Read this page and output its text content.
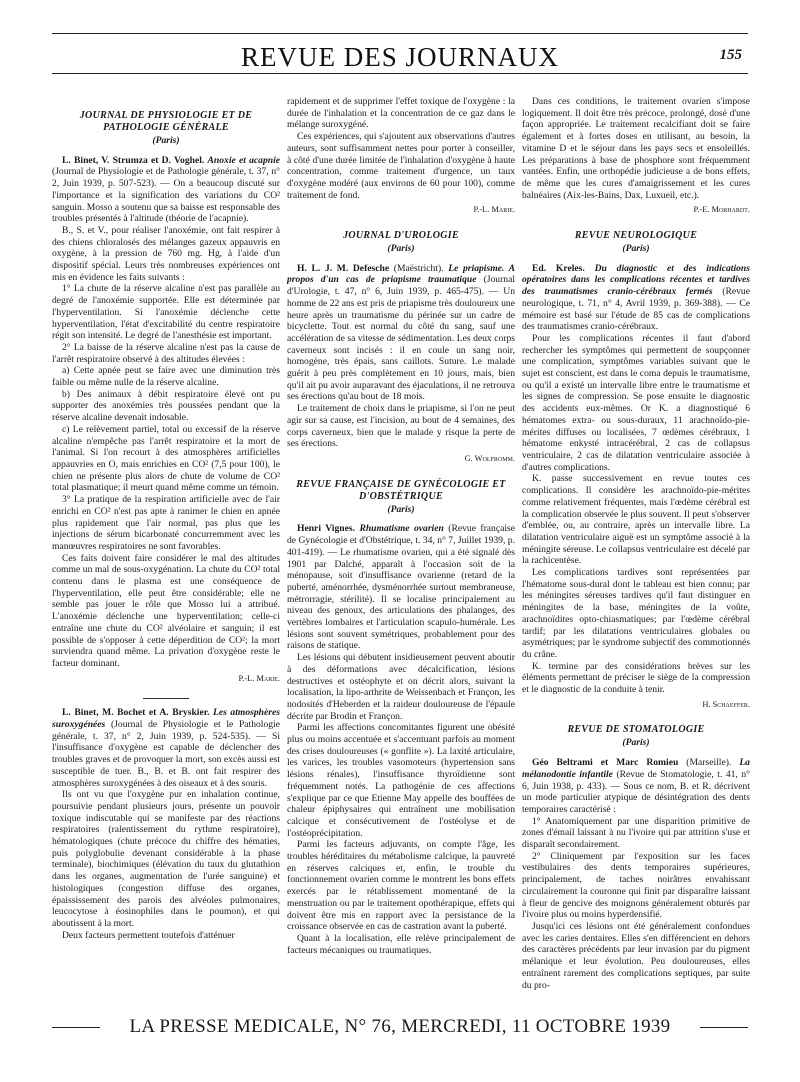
REVUE DES JOURNAUX	155
JOURNAL DE PHYSIOLOGIE ET DE PATHOLOGIE GÉNÉRALE
(Paris)

L. Binet, V. Strumza et D. Voghel. Anoxie et acapnie (Journal de Physiologie et de Pathologie générale, t. 37, n° 2, Juin 1939, p. 507-523). — On a beaucoup discuté sur l'importance et la signification des variations du CO² sanguin. Mosso a soutenu que sa baisse est responsable des troubles présentés à l'altitude (théorie de l'acapnie).

B., S. et V., pour réaliser l'anoxémie, ont fait respirer à des chiens chloralosés des mélanges gazeux appauvris en oxygène, à la pression de 760 mg. Hg, à l'aide d'un dispositif spécial. Leurs très nombreuses expériences ont mis en évidence les faits suivants :

1° La chute de la réserve alcaline n'est pas parallèle au degré de l'anoxémie supportée. Elle est déterminée par l'hyperventilation. Si l'anoxémie déclenche cette hyperventilation, l'état d'excitabilité du centre respiratoire régit son intensité. Le degré de l'anesthésie est important.

2° La baisse de la réserve alcaline n'est pas la cause de l'arrêt respiratoire observé à des altitudes élevées :

a) Cette apnée peut se faire avec une diminution très faible ou même nulle de la réserve alcaline.

b) Des animaux à débit respiratoire élevé ont pu supporter des anoxémies très poussées pendant que la réserve alcaline devenait indosable.

c) Le relèvement partiel, total ou excessif de la réserve alcaline n'empêche pas l'arrêt respiratoire et la mort de l'animal. Si l'on recourt à des atmosphères artificielles appauvries en O, mais enrichies en CO² (7,5 pour 100), le chien ne présente plus alors de chute de volume de CO² total plasmatique; il meurt quand même comme un témoin.

3° La pratique de la respiration artificielle avec de l'air enrichi en CO² n'est pas apte à ranimer le chien en apnée plus rapidement que l'air normal, pas plus que les injections de sérum bicarbonaté concurremment avec les manœuvres respiratoires ne sont favorables.

Ces faits doivent faire considérer le mal des altitudes comme un mal de sous-oxygénation. La chute du CO² total contenu dans le plasma est une conséquence de l'hyperventilation, elle peut être considérable; elle ne semble pas jouer le rôle que Mosso lui a attribué. L'anoxémie déclenche une hyperventilation; celle-ci entraîne une chute du CO² alvéolaire et sanguin; il est possible de s'opposer à cette déperdition de CO²; la mort surviendra quand même. La privation d'oxygène reste le facteur dominant.

P.-L. Marie.

L. Binet, M. Bochet et A. Bryskier. Les atmosphères suroxygénées (Journal de Physiologie et le Pathologie générale, t. 37, n° 2, Juin 1939, p. 524-535). — Si l'insuffisance d'oxygène est capable de déclencher des troubles graves et de provoquer la mort, son excès aussi est susceptible de tuer. B., B. et B. ont fait respirer des atmosphères suroxygénées à des oiseaux et à des souris.

Ils ont vu que l'oxygène pur en inhalation continue, poursuivie pendant plusieurs jours, présente un pouvoir toxique indiscutable qui se manifeste par des réactions respiratoires (ralentissement du rythme respiratoire), hématologiques (chute précoce du chiffre des hématies, puis polyglobulie devenant considérable à la phase terminale), biochimiques (élévation du taux du glutathion dans les organes, augmentation de l'urée sanguine) et histologiques (congestion diffuse des organes, épaississement des parois des alvéoles pulmonaires, leucocytose à éosinophiles dans le poumon), et qui aboutissent à la mort.

Deux facteurs permettent toutefois d'atténuer

rapidement et de supprimer l'effet toxique de l'oxygène : la durée de l'inhalation et la concentration de ce gaz dans le mélange suroxygéné.

Ces expériences, qui s'ajoutent aux observations d'autres auteurs, sont suffisamment nettes pour porter à conseiller, à côté d'une durée limitée de l'inhalation d'oxygène à haute concentration, comme traitement d'urgence, un taux d'oxygène modéré (aux environs de 60 pour 100), comme traitement de fond.

P.-L. Marie.
JOURNAL D'UROLOGIE
(Paris)

H. L. J. M. Defesche (Maëstricht). Le priapisme. A propos d'un cas de priapisme traumatique (Journal d'Urologie, t. 47, n° 6, Juin 1939, p. 465-475). — Un homme de 22 ans est pris de priapisme très douloureux une heure après un traumatisme du périnée sur un cadre de bicyclette. Tout est normal du côté du sang, sauf une accélération de sa vitesse de sédimentation. Les deux corps caverneux sont incisés : il en coule un sang noir, homogène, très épais, sans caillots. Suture. Le malade guérit à peu près complètement en 10 jours, mais, bien qu'il ait pu avoir auparavant des éjaculations, il ne retrouva ses érections qu'au bout de 18 mois.

Le traitement de choix dans le priapisme, si l'on ne peut agir sur sa cause, est l'incision, au bout de 4 semaines, des corps caverneux, bien que le malade y risque la perte de ses érections.

G. Wolfromm.
REVUE FRANÇAISE DE GYNÉCOLOGIE ET D'OBSTÉTRIQUE
(Paris)

Henri Vignes. Rhumatisme ovarien (Revue française de Gynécologie et d'Obstétrique, t. 34, n° 7, Juillet 1939, p. 401-419). — Le rhumatisme ovarien, qui a été signalé dès 1901 par Dalché, apparaît à l'occasion soit de la ménopause, soit d'insuffisance ovarienne (retard de la puberté, aménorrhée, dysménorrhée surtout membraneuse, métrorragie, stérilité). Il se localise principalement au niveau des genoux, des articulations des phalanges, des vertèbres lombaires et l'articulation scapulo-humérale. Les lésions sont souvent symétriques, probablement pour des raisons de statique.

Les lésions qui débutent insidieusement peuvent aboutir à des déformations avec décalcification, lésions destructives et ostéophyte et on décrit alors, suivant la localisation, la lipo-arthrite de Weissenbach et Françon, les nodosités d'Heberden et la raideur douloureuse de l'épaule décrite par Brodin et Françon.

Parmi les affections concomitantes figurent une obésité plus ou moins accentuée et s'accentuant parfois au moment des crises douloureuses (« gonflite »). La laxité articulaire, les varices, les troubles vasomoteurs (hypertension sans lésions rénales), l'insuffisance thyroïdienne sont fréquemment notés. La pathogénie de ces affections s'explique par ce que Etienne May appelle des bouffées de chaleur épiphysaires qui entraînent une mobilisation calcique et consécutivement de l'ostéolyse et de l'ostéoprécipitation.

Parmi les facteurs adjuvants, on compte l'âge, les troubles héréditaires du métabolisme calcique, la pauvreté en réserves calciques et, enfin, le trouble du fonctionnement ovarien comme le montrent les bons effets exercés par le rétablissement momentané de la menstruation ou par le traitement opothérapique, effets qui doivent être mis en rapport avec la persistance de la croissance observée en cas de castration avant la puberté.

Quant à la localisation, elle relève principalement de facteurs mécaniques ou traumatiques.

Dans ces conditions, le traitement ovarien s'impose logiquement. Il doit être très précoce, prolongé, dosé d'une façon appropriée. Le traitement recalcifiant doit se faire également et à fortes doses en utilisant, au besoin, la vitamine D et le séjour dans les pays secs et ensoleillés. Les préparations à base de phosphore sont fréquemment vantées. Enfin, une orthopédie judicieuse a de bons effets, de même que les cures d'amaigrissement et les cures balnéaires (Aix-les-Bains, Dax, Luxueil, etc.).

P.-E. Morhardt.
REVUE NEUROLOGIQUE
(Paris)

Ed. Kreles. Du diagnostic et des indications opératoires dans les complications récentes et tardives des traumatismes cranio-cérébraux fermés (Revue neurologique, t. 71, n° 4, Avril 1939, p. 369-388). — Ce mémoire est basé sur l'étude de 85 cas de complications des traumatismes cranio-cérébraux.

Pour les complications récentes il faut d'abord rechercher les symptômes qui permettent de soupçonner une complication, symptômes variables suivant que le sujet est conscient, est dans le coma depuis le traumatisme, ou qu'il a existé un intervalle libre entre le traumatisme et les signes de compression. Se pose ensuite le diagnostic des accidents eux-mêmes. Or K. a diagnostiqué 6 hématomes extra- ou sous-duraux, 11 arachnoïdo-pie-mérites diffuses ou localisées, 7 œdèmes cérébraux, 1 hématome enkysté intracérébral, 2 cas de collapsus ventriculaire, 2 cas de dilatation ventriculaire associée à d'autres complications.

K. passe successivement en revue toutes ces complications. Il considère les arachnoïdo-pie-mérites comme relativement fréquentes, mais l'œdème cérébral est la complication observée le plus souvent. Il peut s'observer d'emblée, ou, au contraire, après un intervalle libre. La dilatation ventriculaire aiguë est un symptôme associé à la méningite séreuse. Le collapsus ventriculaire est décelé par la rachicentèse.

Les complications tardives sont représentées par l'hématome sous-dural dont le tableau est bien connu; par les méningites séreuses tardives qu'il faut distinguer en méningites de la base, méningites de la voûte, arachnoïdites opto-chiasmatiques; par l'œdème cérébral tardif; par les dilatations ventriculaires globales ou asymétriques; par le syndrome subjectif des commotionnés du crâne.

K. termine par des considérations brèves sur les éléments permettant de préciser le siège de la compression et le diagnostic de la conduite à tenir.

H. Schaeffer.
REVUE DE STOMATOLOGIE
(Paris)

Géo Beltrami et Marc Romieu (Marseille). La mélanodontie infantile (Revue de Stomatologie, t. 41, n° 6, Juin 1938, p. 433). — Sous ce nom, B. et R. décrivent un mode particulier atypique de désintégration des dents temporaires caractérisé :

1° Anatomiquement par une disparition primitive de zones d'émail laissant à nu l'ivoire qui par attrition s'use et disparaît secondairement.

2° Cliniquement par l'exposition sur les faces vestibulaires des dents temporaires supérieures, principalement, de taches noirâtres envahissant circulairement la couronne qui finit par disparaître laissant à fleur de gencive des moignons généralement obturés par l'ivoire plus ou moins hyperdensifié.

Jusqu'ici ces lésions ont été généralement confondues avec les caries dentaires. Elles s'en différencient en dehors des caractères précédents par leur invasion par du pigment mélanique et leur évolution. Peu douloureuses, elles entraînent rarement des complications septiques, par suite du pro-

LA PRESSE MEDICALE, N° 76, MERCREDI, 11 OCTOBRE 1939
